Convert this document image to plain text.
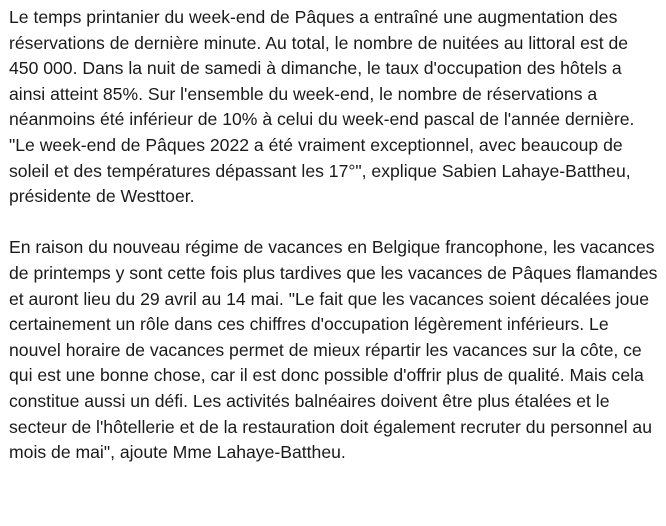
Le temps printanier du week-end de Pâques a entraîné une augmentation des réservations de dernière minute. Au total, le nombre de nuitées au littoral est de 450 000. Dans la nuit de samedi à dimanche, le taux d'occupation des hôtels a ainsi atteint 85%. Sur l'ensemble du week-end, le nombre de réservations a néanmoins été inférieur de 10% à celui du week-end pascal de l'année dernière. "Le week-end de Pâques 2022 a été vraiment exceptionnel, avec beaucoup de soleil et des températures dépassant les 17°", explique Sabien Lahaye-Battheu, présidente de Westtoer.

En raison du nouveau régime de vacances en Belgique francophone, les vacances de printemps y sont cette fois plus tardives que les vacances de Pâques flamandes et auront lieu du 29 avril au 14 mai. "Le fait que les vacances soient décalées joue certainement un rôle dans ces chiffres d'occupation légèrement inférieurs. Le nouvel horaire de vacances permet de mieux répartir les vacances sur la côte, ce qui est une bonne chose, car il est donc possible d'offrir plus de qualité. Mais cela constitue aussi un défi. Les activités balnéaires doivent être plus étalées et le secteur de l'hôtellerie et de la restauration doit également recruter du personnel au mois de mai", ajoute Mme Lahaye-Battheu.
